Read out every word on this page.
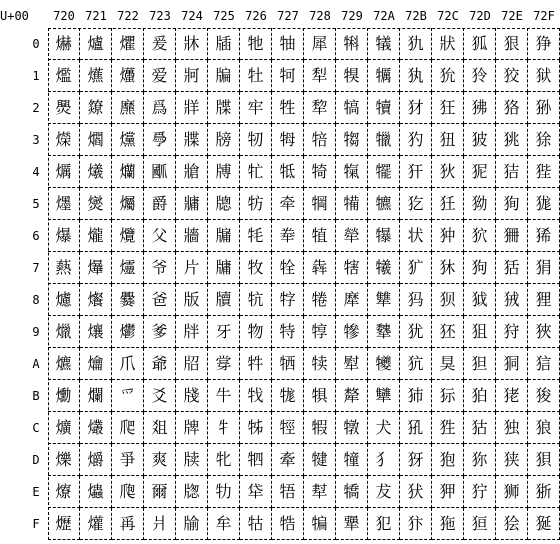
U+00	720 721 722 723 724 725 726 727 728 729 72A 72B 72C 72D 72E 72F
0
1
2
3
4
5
6
7
8
9
A
B
C
D
E
F
爀
爁
爂
爃
爄
爅
爆
爇
爈
爉
爊
爋
爌
爍
爎
爏
爐
爑
爒
爓
爔
爕
爖
爗
爘
爙
爚
爛
爜
爝
爞
爟
爠
爡
爢
爣
爤
爥
爦
爧
爨
爩
爪
爫
爬
爭
爮
爯
爰
爱
爲
爳
爴
爵
父
爷
爸
爹
爺
爻
爼
爽
爾
爿
牀
牁
牂
牃
牄
牅
牆
片
版
牉
牊
牋
牌
牍
牎
牏
牐
牑
牒
牓
牔
牕
牖
牗
牘
牙
牚
牛
牜
牝
牞
牟
牠
牡
牢
牣
牤
牥
牦
牧
牨
物
牪
牫
牬
牭
牮
牯
牰
牱
牲
牳
牴
牵
牶
牷
牸
特
牺
牻
牼
牽
牾
牿
犀
犁
犂
犃
犄
犅
犆
犇
犈
犉
犊
犋
犌
犍
犎
犏
犐
犑
犒
犓
犔
犕
犖
犗
犘
犙
犚
犛
犜
犝
犞
犟
犠
犡
犢
犣
犤
犥
犦
犧
犨
犩
犪
犫
犬
犭
犮
犯
犰
犱
犲
犳
犴
犵
状
犷
犸
犹
犺
犻
犼
犽
犾
犿
狀
狁
狂
狃
狄
狅
狆
狇
狈
狉
狊
狋
狌
狍
狎
狏
狐
狑
狒
狓
狔
狕
狖
狗
狘
狙
狚
狛
狜
狝
狞
狟
狠
狡
狢
狣
狤
狥
狦
狧
狨
狩
狪
狫
独
狭
狮
狯
狰
狱
狲
狳
狴
狵
狶
狷
狸
狹
狺
狻
狼
狽
狾
狿
